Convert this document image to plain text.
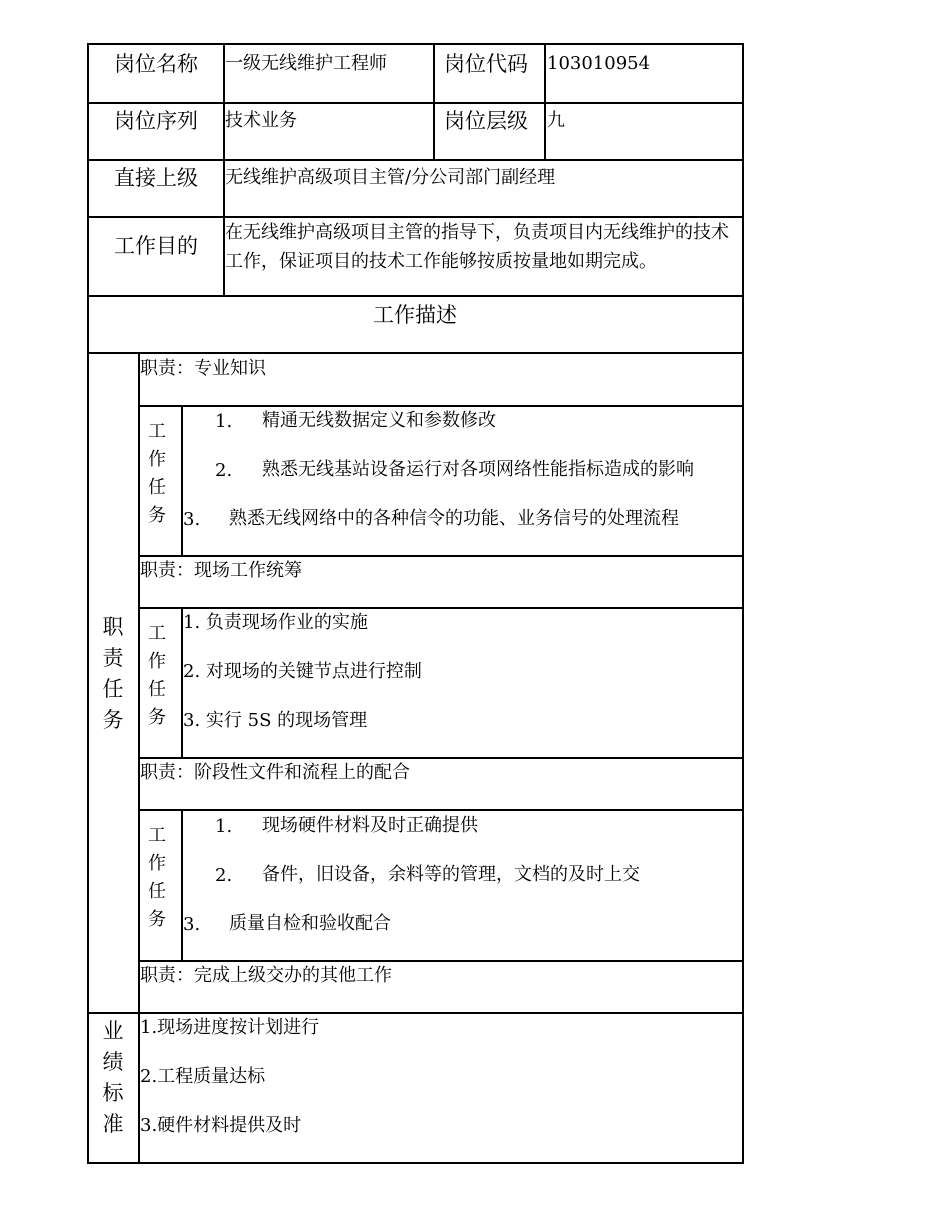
岗位名称 一级无线维护工程师	岗位代码 103010954
岗位序列 技术业务	岗位层级 九
直接上级 无线维护高级项目主管/分公司部门副经理
工作目的
在无线维护高级项目主管的指导下，负责项目内无线维护的技术工作，保证项目的技术工作能够按质按量地如期完成。
工作描述
职
责
任
务
职责：专业知识
工
作
任
务
1. 精通无线数据定义和参数修改
2. 熟悉无线基站设备运行对各项网络性能指标造成的影响
3. 熟悉无线网络中的各种信令的功能、业务信号的处理流程
职责：现场工作统筹
工
作
任
务
1. 负责现场作业的实施
2. 对现场的关键节点进行控制
3. 实行 5S 的现场管理
职责：阶段性文件和流程上的配合
工
作
任
务
1. 现场硬件材料及时正确提供
2. 备件，旧设备，余料等的管理，文档的及时上交
3. 质量自检和验收配合
职责：完成上级交办的其他工作
业
绩
标
准
1.现场进度按计划进行
2.工程质量达标
3.硬件材料提供及时
